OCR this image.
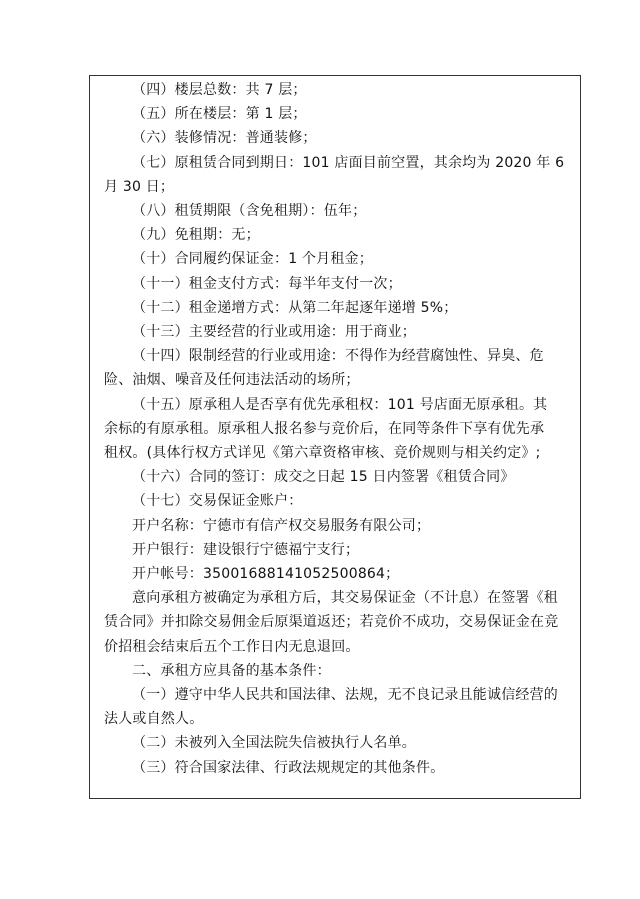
（四）楼层总数：共 7 层；
（五）所在楼层：第 1 层；
（六）装修情况：普通装修；
（七）原租赁合同到期日：101 店面目前空置，其余均为 2020 年 6
月 30 日；
（八）租赁期限（含免租期）：伍年；
（九）免租期：无；
（十）合同履约保证金：1 个月租金；
（十一）租金支付方式：每半年支付一次；
（十二）租金递增方式：从第二年起逐年递增 5%；
（十三）主要经营的行业或用途：用于商业；
（十四）限制经营的行业或用途：不得作为经营腐蚀性、异臭、危
险、油烟、噪音及任何违法活动的场所；
（十五）原承租人是否享有优先承租权：101 号店面无原承租。其
余标的有原承租。原承租人报名参与竞价后，在同等条件下享有优先承
租权。(具体行权方式详见《第六章资格审核、竞价规则与相关约定》;
（十六）合同的签订：成交之日起 15 日内签署《租赁合同》
（十七）交易保证金账户：
开户名称：宁德市有信产权交易服务有限公司；
开户银行：建设银行宁德福宁支行；
开户帐号：35001688141052500864；
意向承租方被确定为承租方后，其交易保证金（不计息）在签署《租
赁合同》并扣除交易佣金后原渠道返还；若竞价不成功，交易保证金在竞
价招租会结束后五个工作日内无息退回。
二、承租方应具备的基本条件：
（一）遵守中华人民共和国法律、法规，无不良记录且能诚信经营的
法人或自然人。
（二）未被列入全国法院失信被执行人名单。
（三）符合国家法律、行政法规规定的其他条件。
